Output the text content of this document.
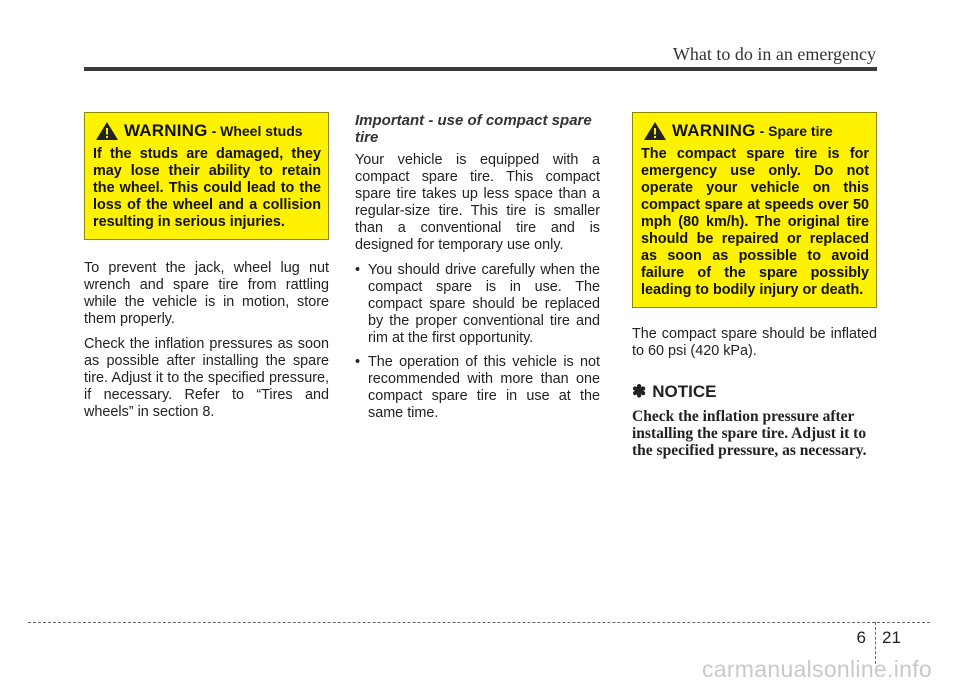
What to do in an emergency
WARNING - Wheel studs
If the studs are damaged, they may lose their ability to retain the wheel. This could lead to the loss of the wheel and a collision resulting in serious injuries.

To prevent the jack, wheel lug nut wrench and spare tire from rattling while the vehicle is in motion, store them properly.

Check the inflation pressures as soon as possible after installing the spare tire. Adjust it to the specified pressure, if necessary. Refer to “Tires and wheels” in section 8.

Important - use of compact spare tire

Your vehicle is equipped with a compact spare tire. This compact spare tire takes up less space than a regular-size tire. This tire is smaller than a conventional tire and is designed for temporary use only.

• You should drive carefully when the compact spare is in use. The compact spare should be replaced by the proper conventional tire and rim at the first opportunity.
• The operation of this vehicle is not recommended with more than one compact spare tire in use at the same time.
WARNING - Spare tire
The compact spare tire is for emergency use only. Do not operate your vehicle on this compact spare at speeds over 50 mph (80 km/h). The original tire should be repaired or replaced as soon as possible to avoid failure of the spare possibly leading to bodily injury or death.

The compact spare should be inflated to 60 psi (420 kPa).

✽ NOTICE
Check the inflation pressure after installing the spare tire. Adjust it to the specified pressure, as necessary.
6 21
carmanualsonline.info
